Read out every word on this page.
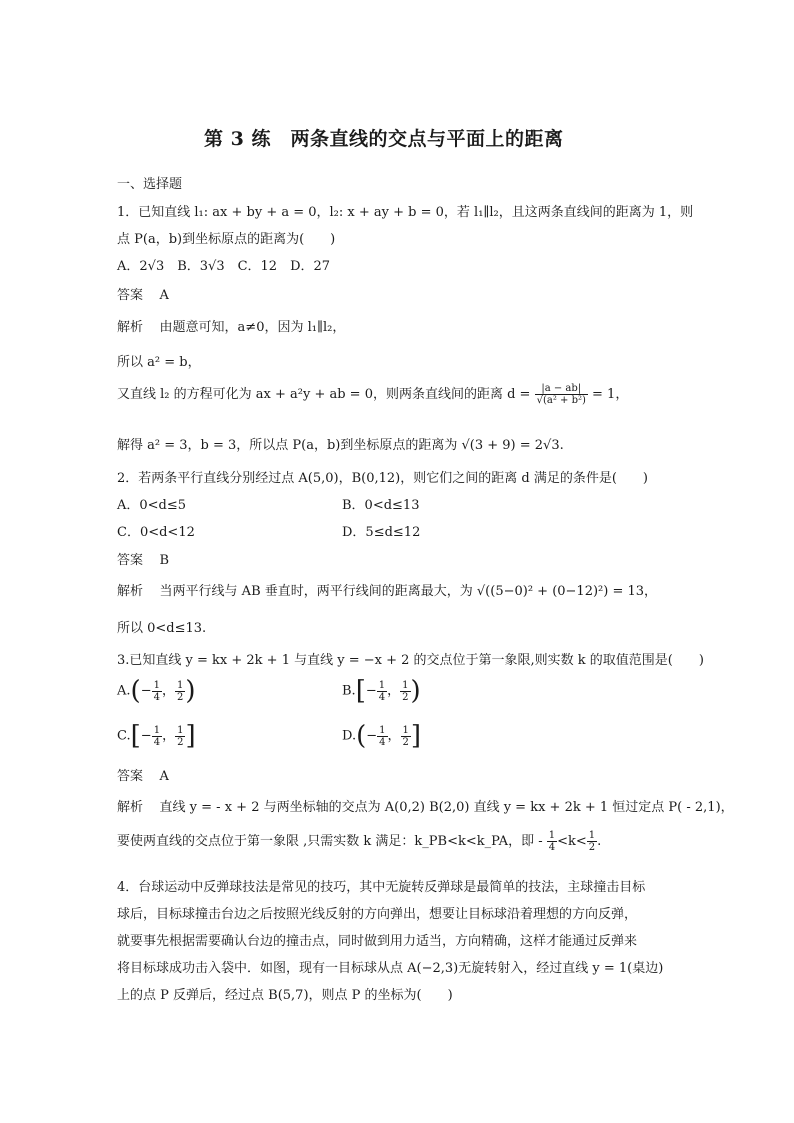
第 3 练　两条直线的交点与平面上的距离
一、选择题
1．已知直线 l₁: ax + by + a = 0，l₂: x + ay + b = 0，若 l₁∥l₂，且这两条直线间的距离为 1，则
点 P(a，b)到坐标原点的距离为(　　)
A．2√3　B．3√3　C．12　D．27
答案 A
解析 由题意可知，a≠0，因为 l₁∥l₂，
所以 a² = b，
又直线 l₂ 的方程可化为 ax + a²y + ab = 0，则两条直线间的距离 $d = \frac{|a - ab|}{\text{√(a² + b²)}} = 1$，
解得 a² = 3，b = 3，所以点 P(a，b)到坐标原点的距离为 √(3 + 9) = 2√3.
2．若两条平行直线分别经过点 A(5,0)，B(0,12)，则它们之间的距离 d 满足的条件是(　　)
A．0<d≤5	B．0<d≤13
C．0<d<12	D．5≤d≤12
答案 B
解析 当两平行线与 AB 垂直时，两平行线间的距离最大，为 √((5−0)² + (0−12)²) = 13，
所以 0<d≤13.
3.已知直线 y = kx + 2k + 1 与直线 y = −x + 2 的交点位于第一象限,则实数 k 的取值范围是(　　)
$A.(- \frac{1}{4}$ ， $\frac{1}{2}$ )	$B.[- \frac{1}{4}$ ， $\frac{1}{2}$ )
$C.[- \frac{1}{4}$ ， $\frac{1}{2}$ ]	$D.(- \frac{1}{4}$ ， $\frac{1}{2}$ ]
答案 A
解析 直线 y = - x + 2 与两坐标轴的交点为 A(0,2) B(2,0) 直线 y = kx + 2k + 1 恒过定点 P( - 2,1)，
要使两直线的交点位于第一象限 ,只需实数 k 满足：k_PB<k<k_PA，即 - $\frac{1}{4} <k< \frac{1}{2}$ .
4．台球运动中反弹球技法是常见的技巧，其中无旋转反弹球是最简单的技法，主球撞击目标
球后，目标球撞击台边之后按照光线反射的方向弹出，想要让目标球沿着理想的方向反弹，
就要事先根据需要确认台边的撞击点，同时做到用力适当，方向精确，这样才能通过反弹来
将目标球成功击入袋中．如图，现有一目标球从点 A(−2,3)无旋转射入，经过直线 y = 1(桌边)
上的点 P 反弹后，经过点 B(5,7)，则点 P 的坐标为(　　)
